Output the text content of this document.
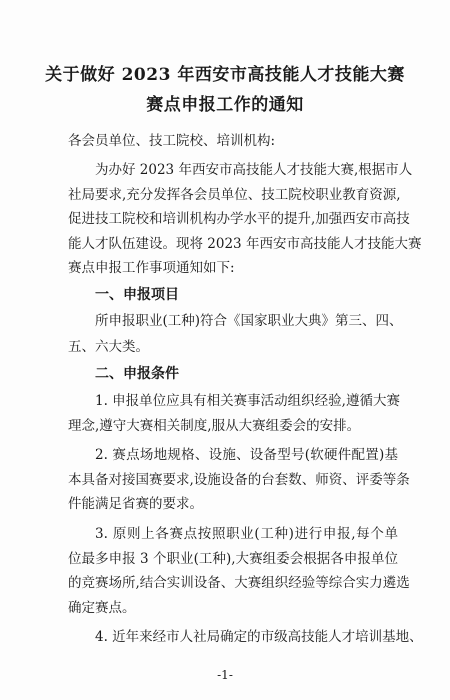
关于做好 2023 年西安市高技能人才技能大赛
赛点申报工作的通知
各会员单位、技工院校、培训机构:
为办好 2023 年西安市高技能人才技能大赛,根据市人
社局要求,充分发挥各会员单位、技工院校职业教育资源,
促进技工院校和培训机构办学水平的提升,加强西安市高技
能人才队伍建设。现将 2023 年西安市高技能人才技能大赛
赛点申报工作事项通知如下:
一、申报项目
所申报职业(工种)符合《国家职业大典》第三、四、
五、六大类。
二、申报条件
1. 申报单位应具有相关赛事活动组织经验,遵循大赛
理念,遵守大赛相关制度,服从大赛组委会的安排。
2. 赛点场地规格、设施、设备型号(软硬件配置)基
本具备对接国赛要求,设施设备的台套数、师资、评委等条
件能满足省赛的要求。
3. 原则上各赛点按照职业(工种)进行申报,每个单
位最多申报 3 个职业(工种),大赛组委会根据各申报单位
的竞赛场所,结合实训设备、大赛组织经验等综合实力遴选
确定赛点。
4. 近年来经市人社局确定的市级高技能人才培训基地、
-1-
